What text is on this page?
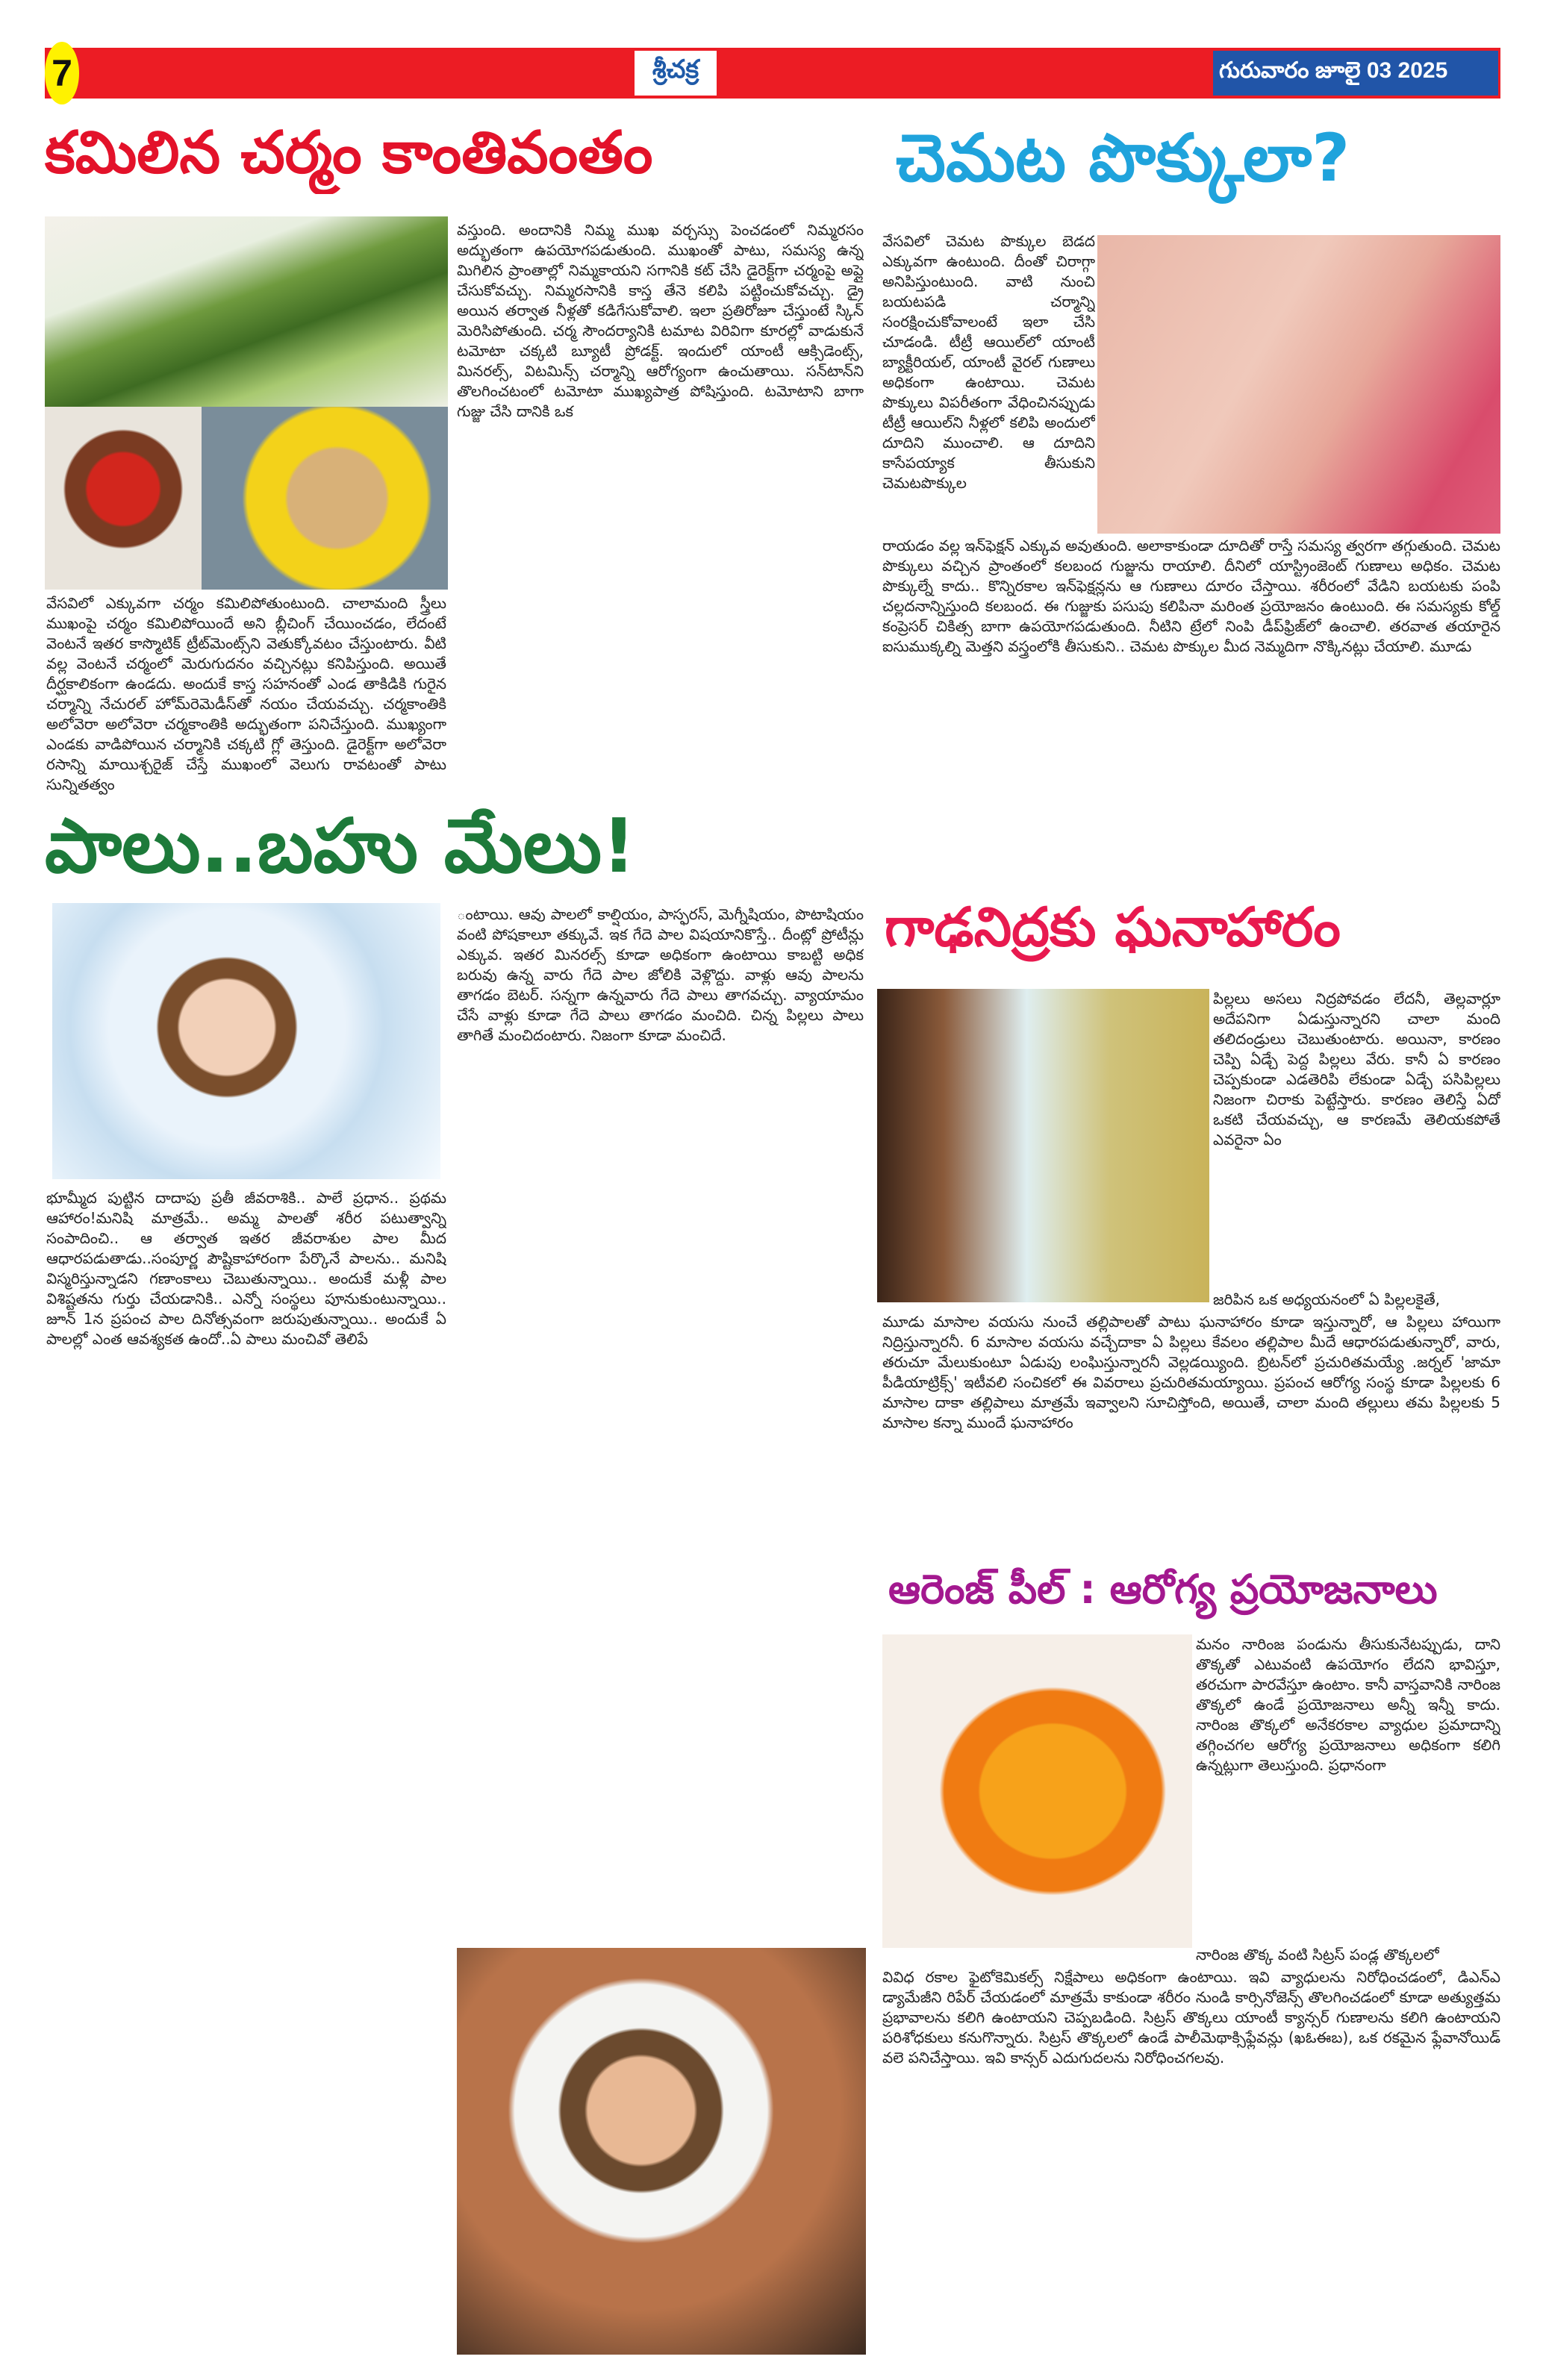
7	శ్రీచక్ర	గురువారం జూలై 03 2025
కమిలిన చర్మం కాంతివంతం
వేసవిలో ఎక్కువగా చర్మం కమిలిపోతుంటుంది. చాలామంది స్త్రీలు ముఖంపై చర్మం కమిలిపోయిందే అని బ్లీచింగ్ చేయించడం, లేదంటే వెంటనే ఇతర కాస్మొటిక్ ట్రీట్‌మెంట్స్‌ని వెతుక్కోవటం చేస్తుంటారు. వీటి వల్ల వెంటనే చర్మంలో మెరుగుదనం వచ్చినట్లు కనిపిస్తుంది. అయితే దీర్ఘకాలికంగా ఉండదు. అందుకే కాస్త సహనంతో ఎండ తాకిడికి గురైన చర్మాన్ని నేచురల్ హోమ్‌రెమెడీస్‌తో నయం చేయవచ్చు. చర్మకాంతికి అలోవెరా అలోవెరా చర్మకాంతికి అద్భుతంగా పనిచేస్తుంది. ముఖ్యంగా ఎండకు వాడిపోయిన చర్మానికి చక్కటి గ్లో తెస్తుంది. డైరెక్ట్‌గా అలోవెరా రసాన్ని మాయిశ్చరైజ్ చేస్తే ముఖంలో వెలుగు రావటంతో పాటు సున్నితత్వం
వస్తుంది. అందానికి నిమ్మ ముఖ వర్చస్సు పెంచడంలో నిమ్మరసం అద్భుతంగా ఉపయోగపడుతుంది. ముఖంతో పాటు, సమస్య ఉన్న మిగిలిన ప్రాంతాల్లో నిమ్మకాయని సగానికి కట్ చేసి డైరెక్ట్‌గా చర్మంపై అప్లై చేసుకోవచ్చు. నిమ్మరసానికి కాస్త తేనె కలిపి పట్టించుకోవచ్చు. డ్రై అయిన తర్వాత నీళ్లతో కడిగేసుకోవాలి. ఇలా ప్రతిరోజూ చేస్తుంటే స్కిన్ మెరిసిపోతుంది. చర్మ సౌందర్యానికి టమాట విరివిగా కూరల్లో వాడుకునే టమోటా చక్కటి బ్యూటీ ప్రోడక్ట్. ఇందులో యాంటీ ఆక్సిడెంట్స్, మినరల్స్, విటమిన్స్ చర్మాన్ని ఆరోగ్యంగా ఉంచుతాయి. సన్‌టాన్‌ని తొలగించటంలో టమోటా ముఖ్యపాత్ర పోషిస్తుంది. టమోటాని బాగా గుజ్జు చేసి దానికి ఒక
చెమట పొక్కులా?
వేసవిలో చెమట పొక్కుల బెడద ఎక్కువగా ఉంటుంది. దీంతో చిరాగ్గా అనిపిస్తుంటుంది. వాటి నుంచి బయటపడి చర్మాన్ని సంరక్షించుకోవాలంటే ఇలా చేసి చూడండి. టీట్రీ ఆయిల్‌లో యాంటీ బ్యాక్టీరియల్, యాంటీ వైరల్ గుణాలు అధికంగా ఉంటాయి. చెమట పొక్కులు విపరీతంగా వేధించినప్పుడు టీట్రీ ఆయిల్‌ని నీళ్లలో కలిపి అందులో దూదిని ముంచాలి. ఆ దూదిని కాసేపయ్యాక తీసుకుని చెమటపొక్కుల
రాయడం వల్ల ఇన్‌ఫెక్షన్ ఎక్కువ అవుతుంది. అలాకాకుండా దూదితో రాస్తే సమస్య త్వరగా తగ్గుతుంది. చెమట పొక్కులు వచ్చిన ప్రాంతంలో కలబంద గుజ్జును రాయాలి. దీనిలో యాస్ట్రింజెంట్ గుణాలు అధికం. చెమట పొక్కుల్నే కాదు.. కొన్నిరకాల ఇన్‌ఫెక్షన్లను ఆ గుణాలు దూరం చేస్తాయి. శరీరంలో వేడిని బయటకు పంపి చల్లదనాన్నిస్తుంది కలబంద. ఈ గుజ్జుకు పసుపు కలిపినా మరింత ప్రయోజనం ఉంటుంది. ఈ సమస్యకు కోల్డ్ కంప్రెసర్ చికిత్స బాగా ఉపయోగపడుతుంది. నీటిని ట్రేలో నింపి డీప్‌ఫ్రిజ్‌లో ఉంచాలి. తరవాత తయారైన ఐసుముక్కల్ని మెత్తని వస్త్రంలోకి తీసుకుని.. చెమట పొక్కుల మీద నెమ్మదిగా నొక్కినట్లు చేయాలి. మూడు
పాలు..బహు మేలు!
భూమ్మీద పుట్టిన దాదాపు ప్రతీ జీవరాశికి.. పాలే ప్రధాన.. ప్రథమ ఆహారం!మనిషి మాత్రమే.. అమ్మ పాలతో శరీర పటుత్వాన్ని సంపాదించి.. ఆ తర్వాత ఇతర జీవరాశుల పాల మీద ఆధారపడుతాడు..సంపూర్ణ పౌష్టికాహారంగా పేర్కొనే పాలను.. మనిషి విస్మరిస్తున్నాడని గణాంకాలు చెబుతున్నాయి.. అందుకే మళ్లీ పాల విశిష్టతను గుర్తు చేయడానికి.. ఎన్నో సంస్థలు పూనుకుంటున్నాయి.. జూన్ 1న ప్రపంచ పాల దినోత్సవంగా జరుపుతున్నాయి.. అందుకే ఏ పాలల్లో ఎంత ఆవశ్యకత ఉందో..ఏ పాలు మంచివో తెలిపే
ంటాయి. ఆవు పాలలో కాల్షియం, పాస్ఫరస్, మెగ్నీషియం, పొటాషియం వంటి పోషకాలూ తక్కువే. ఇక గేదె పాల విషయానికొస్తే.. దీంట్లో ప్రోటీన్లు ఎక్కువ. ఇతర మినరల్స్ కూడా అధికంగా ఉంటాయి కాబట్టి అధిక బరువు ఉన్న వారు గేదె పాల జోలికి వెళ్లొద్దు. వాళ్లు ఆవు పాలను తాగడం బెటర్. సన్నగా ఉన్నవారు గేదె పాలు తాగవచ్చు. వ్యాయామం చేసే వాళ్లు కూడా గేదె పాలు తాగడం మంచిది. చిన్న పిల్లలు పాలు తాగితే మంచిదంటారు. నిజంగా కూడా మంచిదే.
గాఢనిద్రకు ఘనాహారం
పిల్లలు అసలు నిద్రపోవడం లేదనీ, తెల్లవార్లూ అదేపనిగా ఏడుస్తున్నారని చాలా మంది తలిదండ్రులు చెబుతుంటారు. అయినా, కారణం చెప్పి ఏడ్చే పెద్ద పిల్లలు వేరు. కానీ ఏ కారణం చెప్పకుండా ఎడతెరిపి లేకుండా ఏడ్చే పసిపిల్లలు నిజంగా చిరాకు పెట్టేస్తారు. కారణం తెలిస్తే ఏదో ఒకటి చేయవచ్చు, ఆ కారణమే తెలియకపోతే ఎవరైనా ఏం
జరిపిన ఒక అధ్యయనంలో ఏ పిల్లలకైతే,
మూడు మాసాల వయసు నుంచే తల్లిపాలతో పాటు ఘనాహారం కూడా ఇస్తున్నారో, ఆ పిల్లలు హాయిగా నిద్రిస్తున్నారనీ. 6 మాసాల వయసు వచ్చేదాకా ఏ పిల్లలు కేవలం తల్లిపాల మీదే ఆధారపడుతున్నారో, వారు, తరుచూ మేలుకుంటూ ఏడుపు లంఘిస్తున్నారనీ వెల్లడయ్యింది. బ్రిటన్‌లో ప్రచురితమయ్యే .జర్నల్ 'జామా పీడియాట్రిక్స్' ఇటీవలి సంచికలో ఈ వివరాలు ప్రచురితమయ్యాయి. ప్రపంచ ఆరోగ్య సంస్థ కూడా పిల్లలకు 6 మాసాల దాకా తల్లిపాలు మాత్రమే ఇవ్వాలని సూచిస్తోంది, అయితే, చాలా మంది తల్లులు తమ పిల్లలకు 5 మాసాల కన్నా ముందే ఘనాహారం
ఆరెంజ్ పీల్ : ఆరోగ్య ప్రయోజనాలు
మనం నారింజ పండును తీసుకునేటప్పుడు, దాని తొక్కతో ఎటువంటి ఉపయోగం లేదని భావిస్తూ, తరచుగా పారవేస్తూ ఉంటాం. కానీ వాస్తవానికి నారింజ తొక్కలో ఉండే ప్రయోజనాలు అన్నీ ఇన్నీ కాదు. నారింజ తొక్కలో అనేకరకాల వ్యాధుల ప్రమాదాన్ని తగ్గించగల ఆరోగ్య ప్రయోజనాలు అధికంగా కలిగి ఉన్నట్లుగా తెలుస్తుంది. ప్రధానంగా
నారింజ తొక్క వంటి సిట్రస్ పండ్ల తొక్కలలో
వివిధ రకాల ఫైటోకెమికల్స్ నిక్షేపాలు అధికంగా ఉంటాయి. ఇవి వ్యాధులను నిరోధించడంలో, డిఎన్ఎ డ్యామేజీని రిపేర్ చేయడంలో మాత్రమే కాకుండా శరీరం నుండి కార్సినోజెన్స్ తొలగించడంలో కూడా అత్యుత్తమ ప్రభావాలను కలిగి ఉంటాయని చెప్పబడింది. సిట్రస్ తొక్కలు యాంటీ క్యాన్సర్ గుణాలను కలిగి ఉంటాయని పరిశోధకులు కనుగొన్నారు. సిట్రస్ తొక్కలలో ఉండే పాలీమెథాక్సిఫ్లేవన్లు (ఖఓఈబ), ఒక రకమైన ఫ్లేవానోయిడ్ వలె పనిచేస్తాయి. ఇవి కాన్సర్ ఎదుగుదలను నిరోధించగలవు.
